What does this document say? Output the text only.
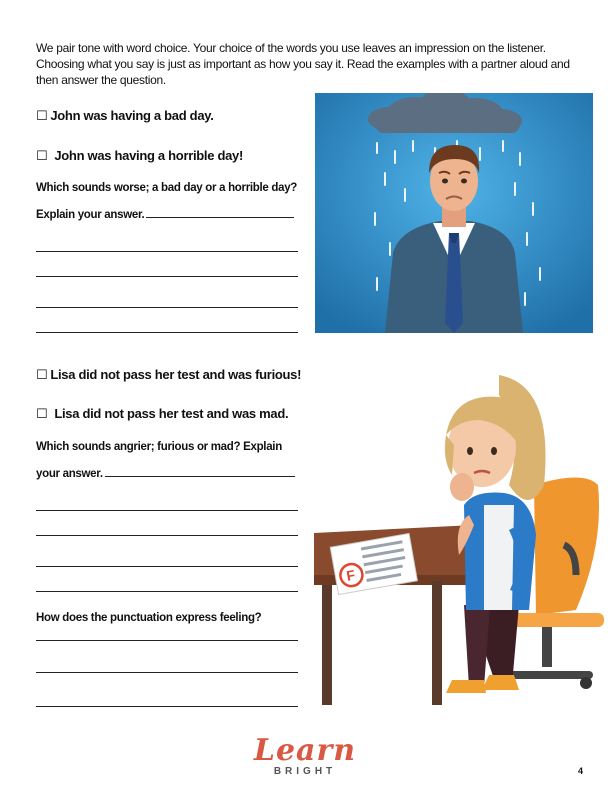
We pair tone with word choice. Your choice of the words you use leaves an impression on the listener. Choosing what you say is just as important as how you say it. Read the examples with a partner aloud and then answer the question.
☐ John was having a bad day.
☐ John was having a horrible day!
Which sounds worse; a bad day or a horrible day?
Explain your answer.
☐ Lisa did not pass her test and was furious!
☐ Lisa did not pass her test and was mad.
Which sounds angrier; furious or mad? Explain
your answer.
How does the punctuation express feeling?
F
Learn
BRIGHT	4
